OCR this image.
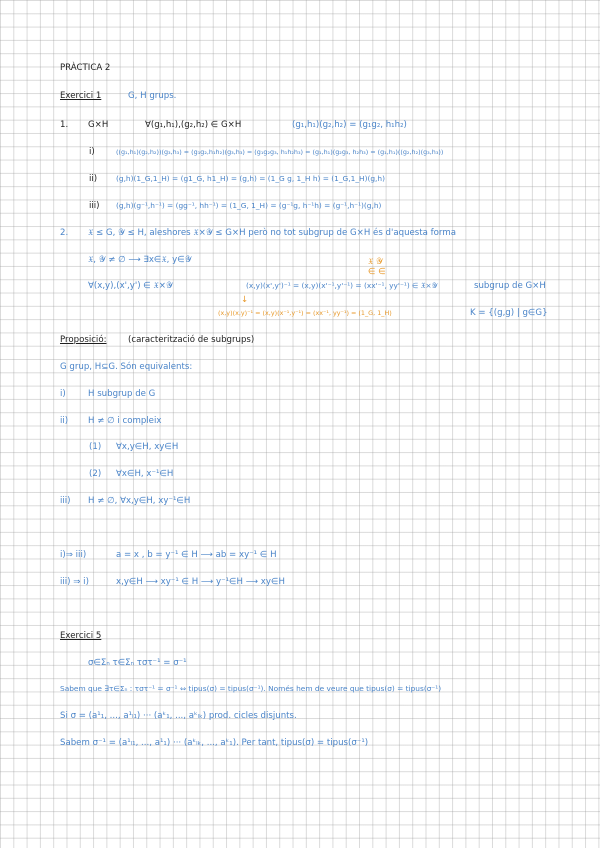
PRÀCTICA 2
Exercici 1	G, H grups.
1. G×H	∀(g₁,h₁),(g₂,h₂) ∈ G×H	(g₁,h₁)(g₂,h₂) = (g₁g₂, h₁h₂)
i)	((g₁,h₁)(g₂,h₂))(g₃,h₃) = (g₁g₂,h₁h₂)(g₃,h₃) = (g₁g₂g₃, h₁h₂h₃) = (g₁,h₁)(g₂g₃, h₂h₃) = (g₁,h₁)((g₂,h₂)(g₃,h₃))
ii)	(g,h)(1_G,1_H) = (g1_G, h1_H) = (g,h) = (1_G g, 1_H h) = (1_G,1_H)(g,h)
iii) (g,h)(g⁻¹,h⁻¹) = (gg⁻¹, hh⁻¹) = (1_G, 1_H) = (g⁻¹g, h⁻¹h) = (g⁻¹,h⁻¹)(g,h)
2. 𝔛 ≤ G, 𝒴 ≤ H, aleshores 𝔛×𝒴 ≤ G×H però no tot subgrup de G×H és d'aquesta forma
𝔛, 𝒴 ≠ ∅ ⟶ ∃x∈𝔛, y∈𝒴	𝔛 𝒴
∈ ∈
∀(x,y),(x',y') ∈ 𝔛×𝒴	(x,y)(x',y')⁻¹ = (x,y)(x'⁻¹,y'⁻¹) = (xx'⁻¹, yy'⁻¹) ∈ 𝔛×𝒴	subgrup de G×H
↓
(x,y)(x,y)⁻¹ = (x,y)(x⁻¹,y⁻¹) = (xx⁻¹, yy⁻¹) = (1_G, 1_H)	K = {(g,g) | g∈G}
Proposició:	(caracterització de subgrups)
G grup, H⊆G. Són equivalents:
i)	H subgrup de G
ii) H ≠ ∅ i compleix
(1) ∀x,y∈H, xy∈H
(2) ∀x∈H, x⁻¹∈H
iii) H ≠ ∅, ∀x,y∈H, xy⁻¹∈H
i)⇒ iii)	a = x , b = y⁻¹ ∈ H ⟶ ab = xy⁻¹ ∈ H
iii) ⇒ i)	x,y∈H ⟶ xy⁻¹ ∈ H ⟶ y⁻¹∈H ⟶ xy∈H
Exercici 5
σ∈Σₙ τ∈Σₙ τστ⁻¹ = σ⁻¹
Sabem que ∃τ∈Σₙ : τστ⁻¹ = σ⁻¹ ⇔ tipus(σ) = tipus(σ⁻¹). Només hem de veure que tipus(σ) = tipus(σ⁻¹)
Si σ = (a¹₁, ..., a¹ₗ₁) ··· (aᵏ₁, ..., aᵏₗₖ) prod. cicles disjunts.
Sabem σ⁻¹ = (a¹ₗ₁, ..., a¹₁) ··· (aᵏₗₖ, ..., aᵏ₁). Per tant, tipus(σ) = tipus(σ⁻¹)
